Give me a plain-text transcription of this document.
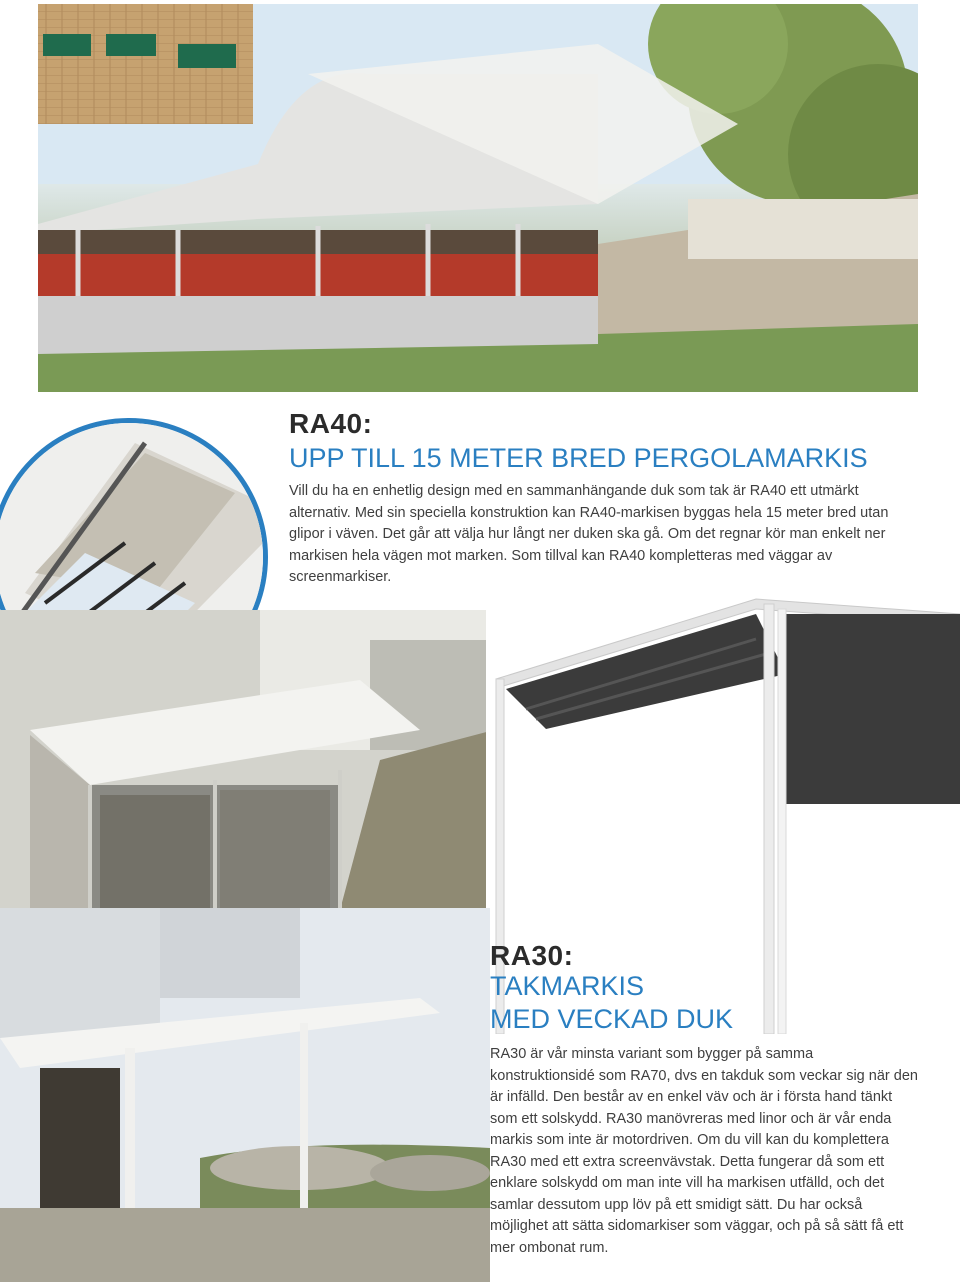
RA40:
UPP TILL 15 METER BRED PERGOLAMARKIS

Vill du ha en enhetlig design med en sammanhängande duk som tak är RA40 ett utmärkt alternativ. Med sin speciella konstruktion kan RA40-markisen byggas hela 15 meter bred utan glipor i väven. Det går att välja hur långt ner duken ska gå. Om det regnar kör man enkelt ner markisen hela vägen mot marken. Som tillval kan RA40 kompletteras med väggar av screenmarkiser.

RA30:
TAKMARKIS
MED VECKAD DUK

RA30 är vår minsta variant som bygger på samma konstruktionsidé som RA70, dvs en takduk som veckar sig när den är infälld. Den består av en enkel väv och är i första hand tänkt som ett solskydd. RA30 manövreras med linor och är vår enda markis som inte är motordriven. Om du vill kan du komplettera RA30 med ett extra screenvävstak. Detta fungerar då som ett enklare solskydd om man inte vill ha markisen utfälld, och det samlar dessutom upp löv på ett smidigt sätt. Du har också möjlighet att sätta sidomarkiser som väggar, och på så sätt få ett mer ombonat rum.
